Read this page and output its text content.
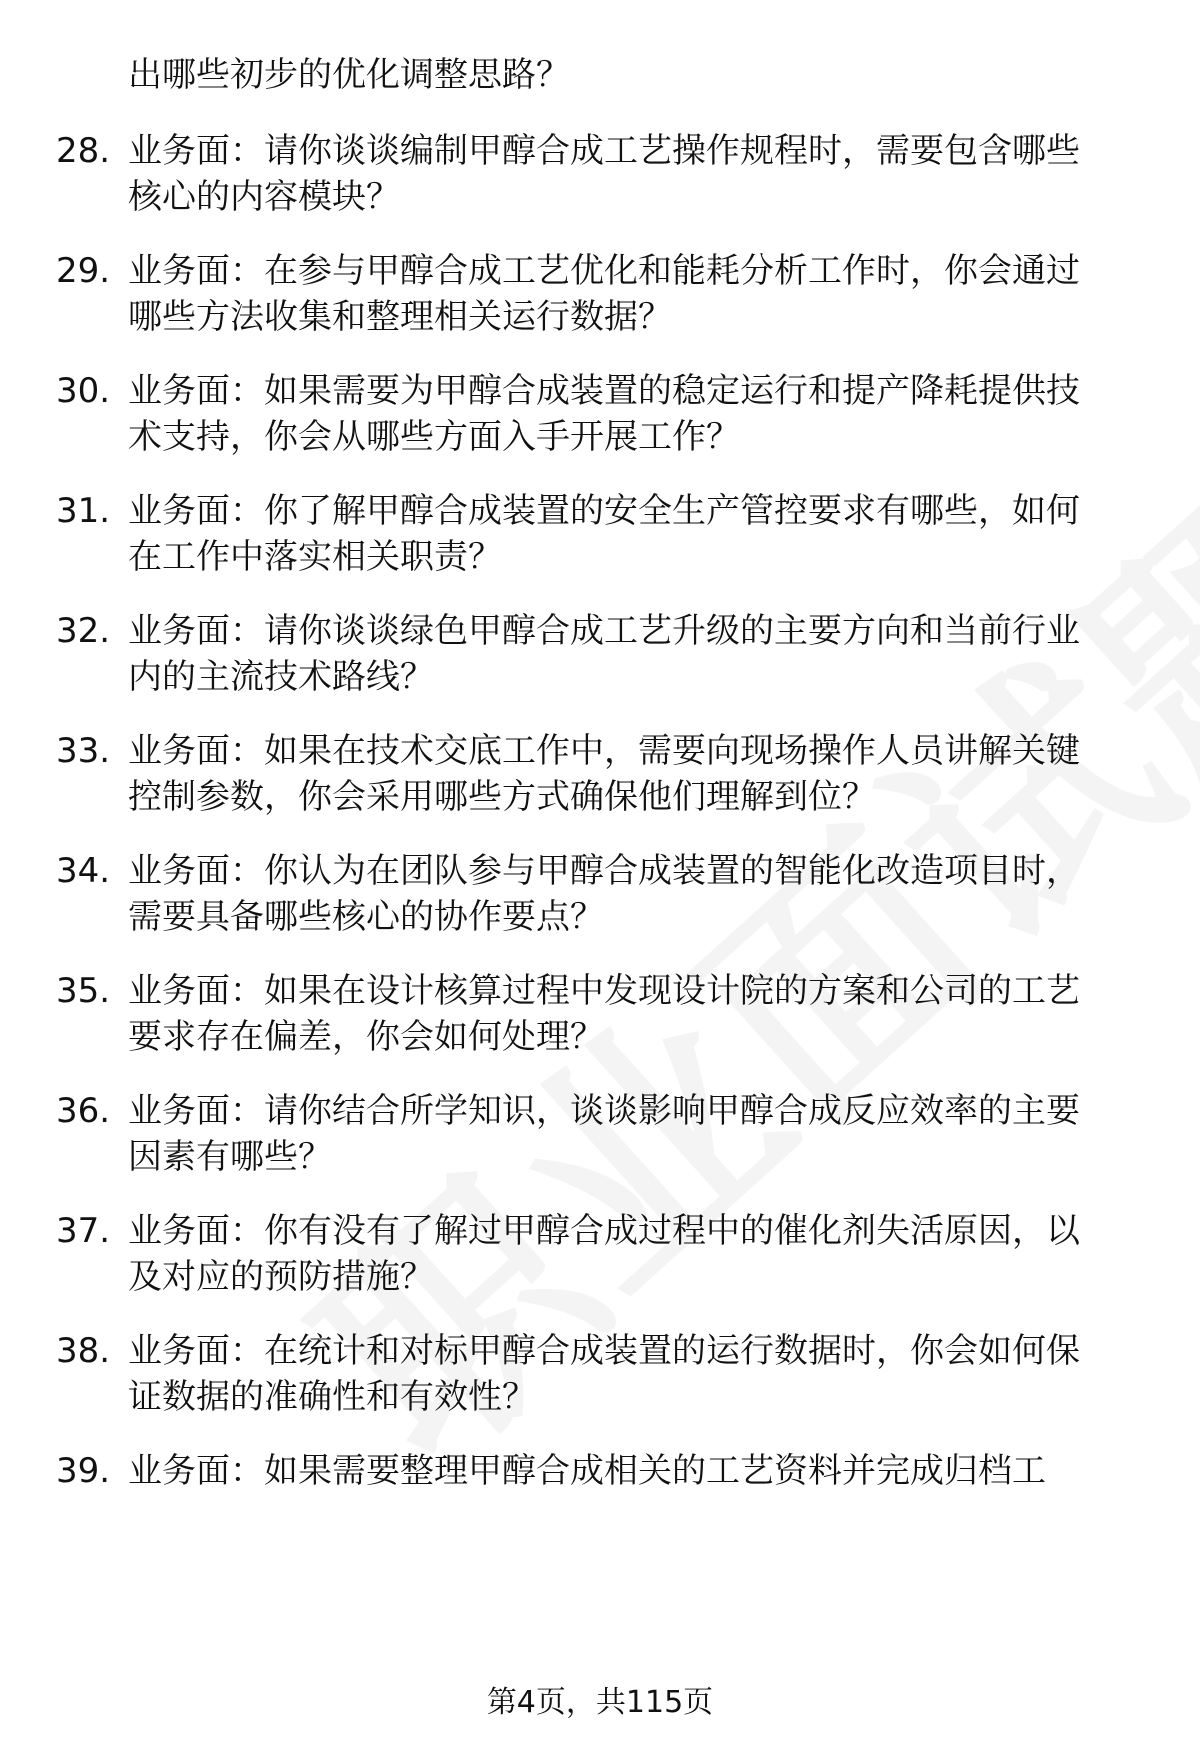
出哪些初步的优化调整思路？
28. 业务面：请你谈谈编制甲醇合成工艺操作规程时，需要包含哪些
核心的内容模块？
29. 业务面：在参与甲醇合成工艺优化和能耗分析工作时，你会通过
哪些方法收集和整理相关运行数据？
30. 业务面：如果需要为甲醇合成装置的稳定运行和提产降耗提供技
术支持，你会从哪些方面入手开展工作？
31. 业务面：你了解甲醇合成装置的安全生产管控要求有哪些，如何
在工作中落实相关职责？
32. 业务面：请你谈谈绿色甲醇合成工艺升级的主要方向和当前行业
内的主流技术路线？
33. 业务面：如果在技术交底工作中，需要向现场操作人员讲解关键
控制参数，你会采用哪些方式确保他们理解到位？
34. 业务面：你认为在团队参与甲醇合成装置的智能化改造项目时，
需要具备哪些核心的协作要点？
35. 业务面：如果在设计核算过程中发现设计院的方案和公司的工艺
要求存在偏差，你会如何处理？
36. 业务面：请你结合所学知识，谈谈影响甲醇合成反应效率的主要
因素有哪些？
37. 业务面：你有没有了解过甲醇合成过程中的催化剂失活原因，以
及对应的预防措施？
38. 业务面：在统计和对标甲醇合成装置的运行数据时，你会如何保
证数据的准确性和有效性？
39. 业务面：如果需要整理甲醇合成相关的工艺资料并完成归档工
第4页，共115页
